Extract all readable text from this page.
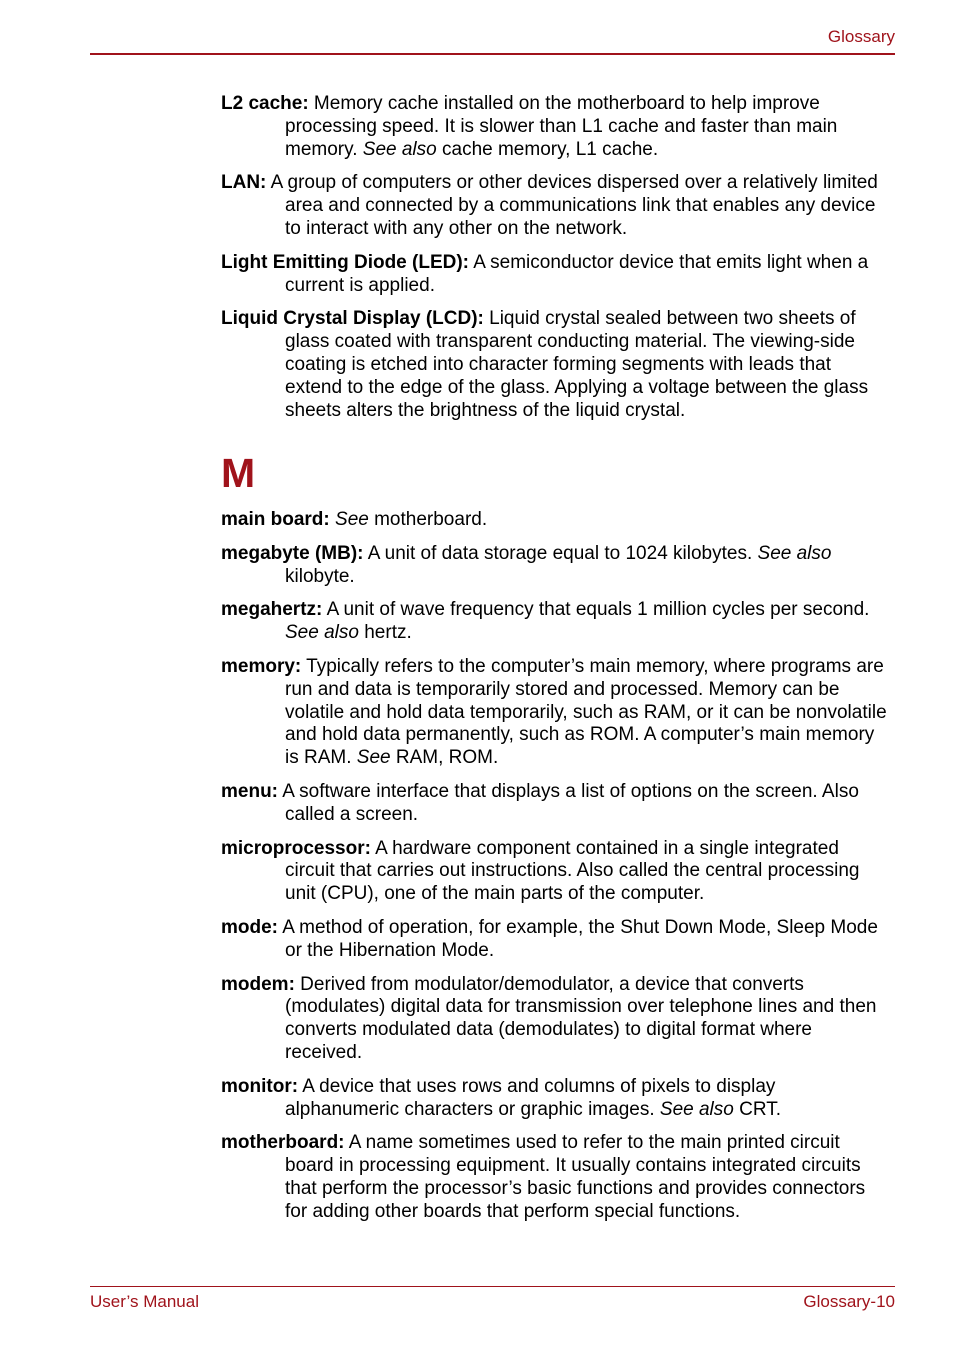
Glossary

L2 cache: Memory cache installed on the motherboard to help improve processing speed. It is slower than L1 cache and faster than main memory. See also cache memory, L1 cache.

LAN: A group of computers or other devices dispersed over a relatively limited area and connected by a communications link that enables any device to interact with any other on the network.

Light Emitting Diode (LED): A semiconductor device that emits light when a current is applied.

Liquid Crystal Display (LCD): Liquid crystal sealed between two sheets of glass coated with transparent conducting material. The viewing-side coating is etched into character forming segments with leads that extend to the edge of the glass. Applying a voltage between the glass sheets alters the brightness of the liquid crystal.

M

main board: See motherboard.

megabyte (MB): A unit of data storage equal to 1024 kilobytes. See also kilobyte.

megahertz: A unit of wave frequency that equals 1 million cycles per second. See also hertz.

memory: Typically refers to the computer’s main memory, where programs are run and data is temporarily stored and processed. Memory can be volatile and hold data temporarily, such as RAM, or it can be nonvolatile and hold data permanently, such as ROM. A computer’s main memory is RAM. See RAM, ROM.

menu: A software interface that displays a list of options on the screen. Also called a screen.

microprocessor: A hardware component contained in a single integrated circuit that carries out instructions. Also called the central processing unit (CPU), one of the main parts of the computer.

mode: A method of operation, for example, the Shut Down Mode, Sleep Mode or the Hibernation Mode.

modem: Derived from modulator/demodulator, a device that converts (modulates) digital data for transmission over telephone lines and then converts modulated data (demodulates) to digital format where received.

monitor: A device that uses rows and columns of pixels to display alphanumeric characters or graphic images. See also CRT.

motherboard: A name sometimes used to refer to the main printed circuit board in processing equipment. It usually contains integrated circuits that perform the processor’s basic functions and provides connectors for adding other boards that perform special functions.

User’s Manual	Glossary-10
